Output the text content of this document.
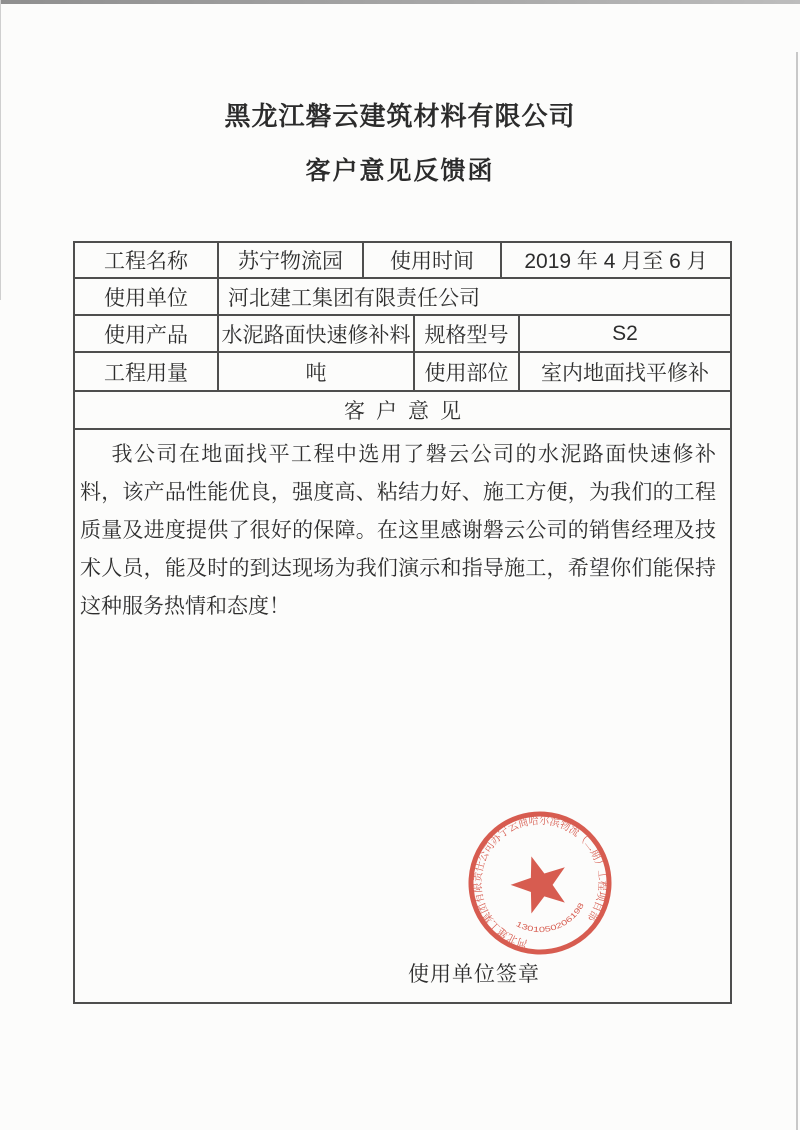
黑龙江磐云建筑材料有限公司
客户意见反馈函
工程名称	苏宁物流园	使用时间	2019 年 4 月至 6 月
使用单位	河北建工集团有限责任公司
使用产品	水泥路面快速修补料 规格型号	S2
工程用量	吨	使用部位	室内地面找平修补
客户意见

我公司在地面找平工程中选用了磐云公司的水泥路面快速修补料，该产品性能优良，强度高、粘结力好、施工方便，为我们的工程质量及进度提供了很好的保障。在这里感谢磐云公司的销售经理及技术人员，能及时的到达现场为我们演示和指导施工，希望你们能保持这种服务热情和态度！

使用单位签章
河北建工集团有限责任公司苏宁云商哈尔滨物流（二期）工程项目部
1301050206198
